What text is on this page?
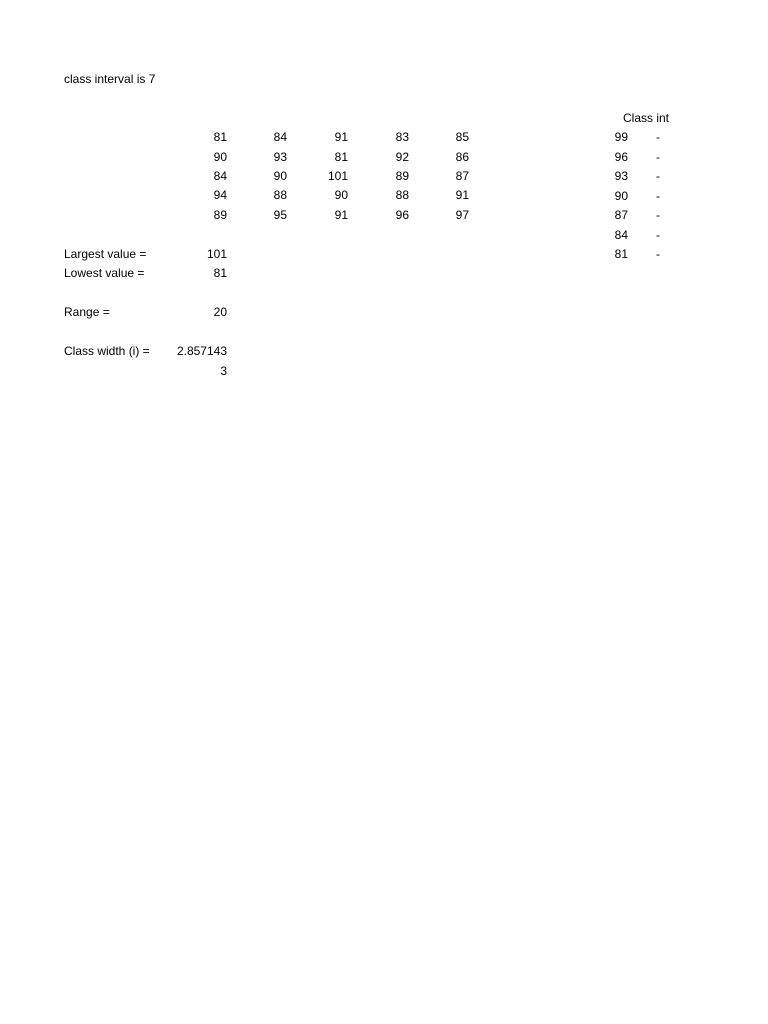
class interval is 7
81	84	91	83	85
90	93	81	92	86
84	90	101	89	87
94	88	90	88	91
89	95	91	96	97
Largest value =	101
Lowest value =	81
Range =	20
Class width (i) =	2.857143
3
Class int
99 -
96 -
93 -
90 -
87 -
84 -
81 -
